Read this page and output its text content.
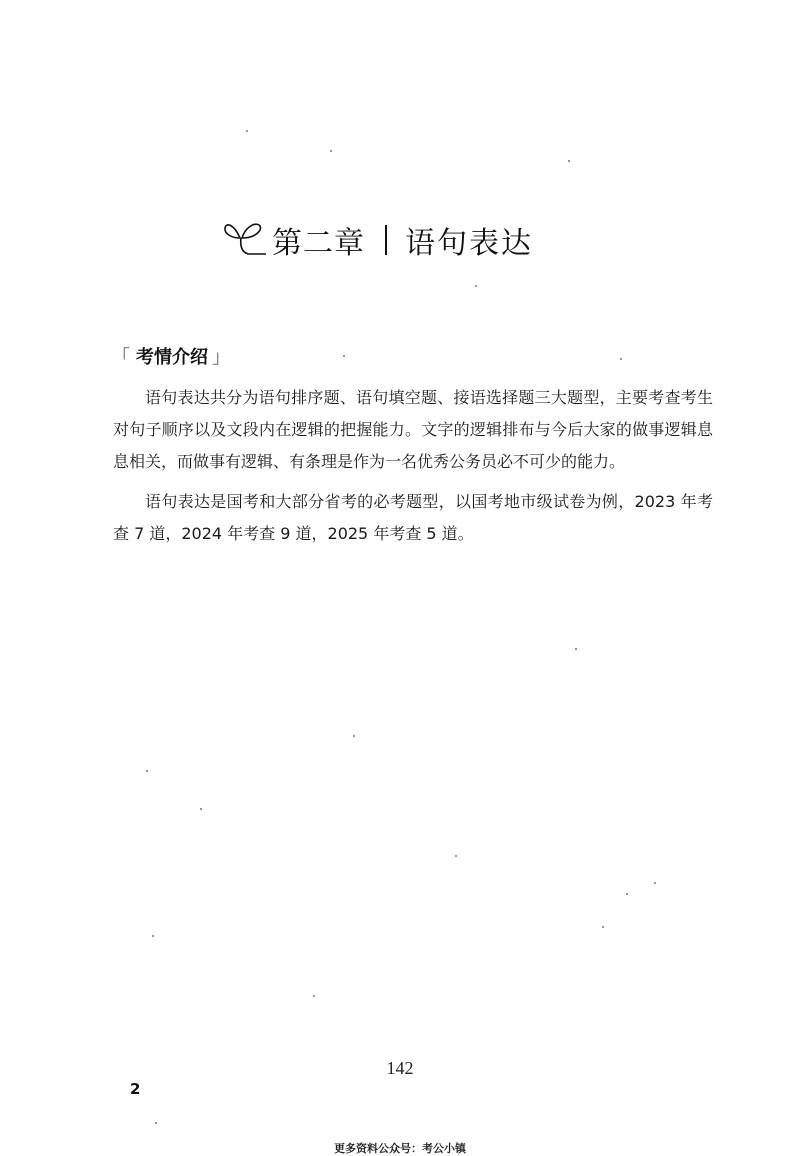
第二章 语句表达
「 考情介绍 」

语句表达共分为语句排序题、语句填空题、接语选择题三大题型，主要考查考生对句子顺序以及文段内在逻辑的把握能力。文字的逻辑排布与今后大家的做事逻辑息息相关，而做事有逻辑、有条理是作为一名优秀公务员必不可少的能力。

语句表达是国考和大部分省考的必考题型，以国考地市级试卷为例，2023 年考查 7 道，2024 年考查 9 道，2025 年考查 5 道。

142
2
更多资料公众号：考公小镇
